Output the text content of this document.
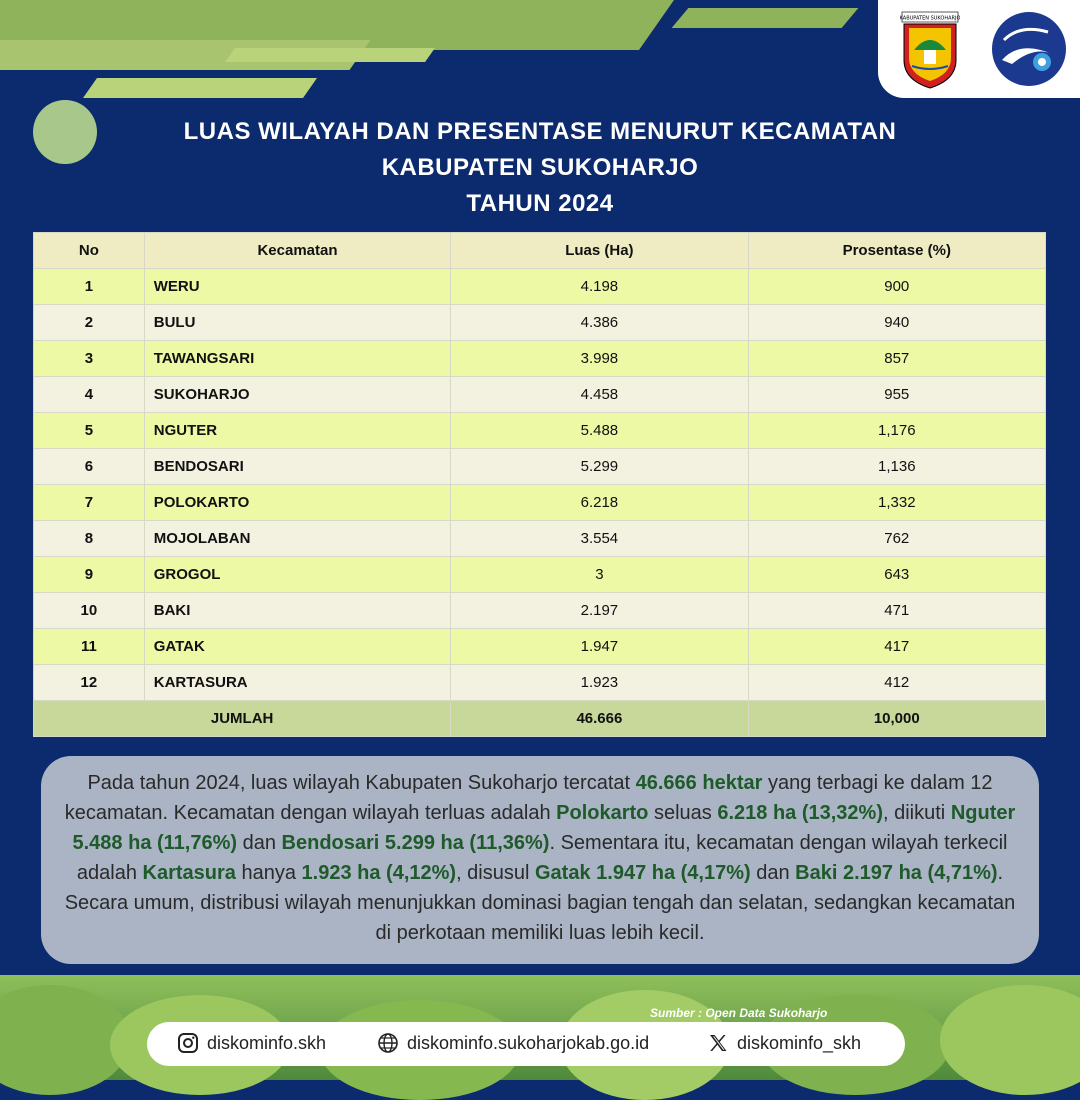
KABUPATEN SUKOHARJO

LUAS WILAYAH DAN PRESENTASE MENURUT KECAMATAN

KABUPATEN SUKOHARJO

TAHUN 2024

No	Kecamatan	Luas (Ha)	Prosentase (%)
1	WERU	4.198	900
2	BULU	4.386	940
3	TAWANGSARI	3.998	857
4	SUKOHARJO	4.458	955
5	NGUTER	5.488	1,176
6	BENDOSARI	5.299	1,136
7	POLOKARTO	6.218	1,332
8	MOJOLABAN	3.554	762
9	GROGOL	3	643
10	BAKI	2.197	471
11	GATAK	1.947	417
12	KARTASURA	1.923	412
JUMLAH		46.666	10,000

Pada tahun 2024, luas wilayah Kabupaten Sukoharjo tercatat 46.666 hektar yang terbagi ke dalam 12 kecamatan. Kecamatan dengan wilayah terluas adalah Polokarto seluas 6.218 ha (13,32%), diikuti Nguter 5.488 ha (11,76%) dan Bendosari 5.299 ha (11,36%). Sementara itu, kecamatan dengan wilayah terkecil adalah Kartasura hanya 1.923 ha (4,12%), disusul Gatak 1.947 ha (4,17%) dan Baki 2.197 ha (4,71%). Secara umum, distribusi wilayah menunjukkan dominasi bagian tengah dan selatan, sedangkan kecamatan di perkotaan memiliki luas lebih kecil.

Sumber : Open Data Sukoharjo
diskominfo.skh	diskominfo.sukoharjokab.go.id	diskominfo_skh
